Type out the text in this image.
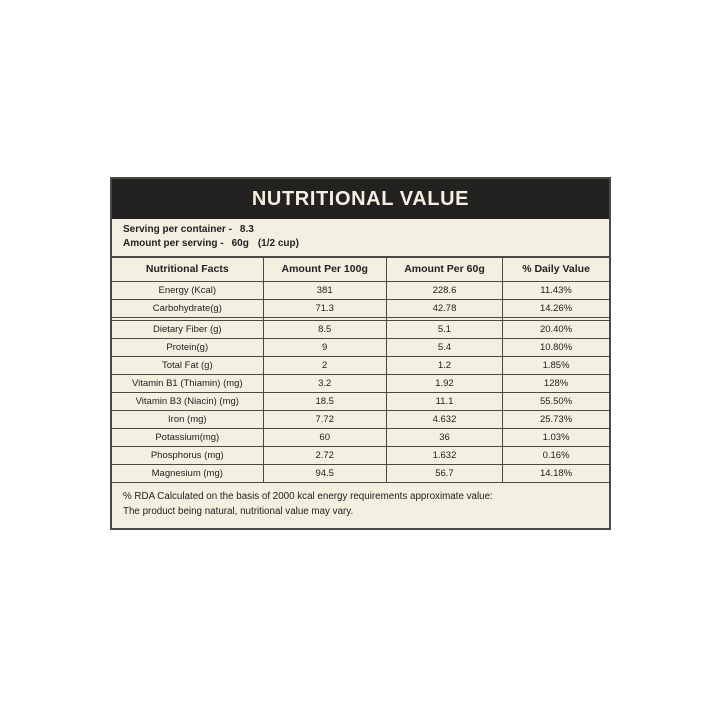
NUTRITIONAL VALUE
Serving per container - 8.3
Amount per serving - 60g (1/2 cup)
Nutritional Facts	Amount Per 100g	Amount Per 60g	% Daily Value
Energy (Kcal)	381	228.6	11.43%
Carbohydrate(g)	71.3	42.78	14.26%

Dietary Fiber (g)	8.5	5.1	20.40%
Protein(g)	9	5.4	10.80%
Total Fat (g)	2	1.2	1.85%
Vitamin B1 (Thiamin) (mg)	3.2	1.92	128%
Vitamin B3 (Niacin) (mg)	18.5	11.1	55.50%
Iron (mg)	7.72	4.632	25.73%
Potassium(mg)	60	36	1.03%
Phosphorus (mg)	2.72	1.632	0.16%
Magnesium (mg)	94.5	56.7	14.18%
% RDA Calculated on the basis of 2000 kcal energy requirements approximate value:
The product being natural, nutritional value may vary.
